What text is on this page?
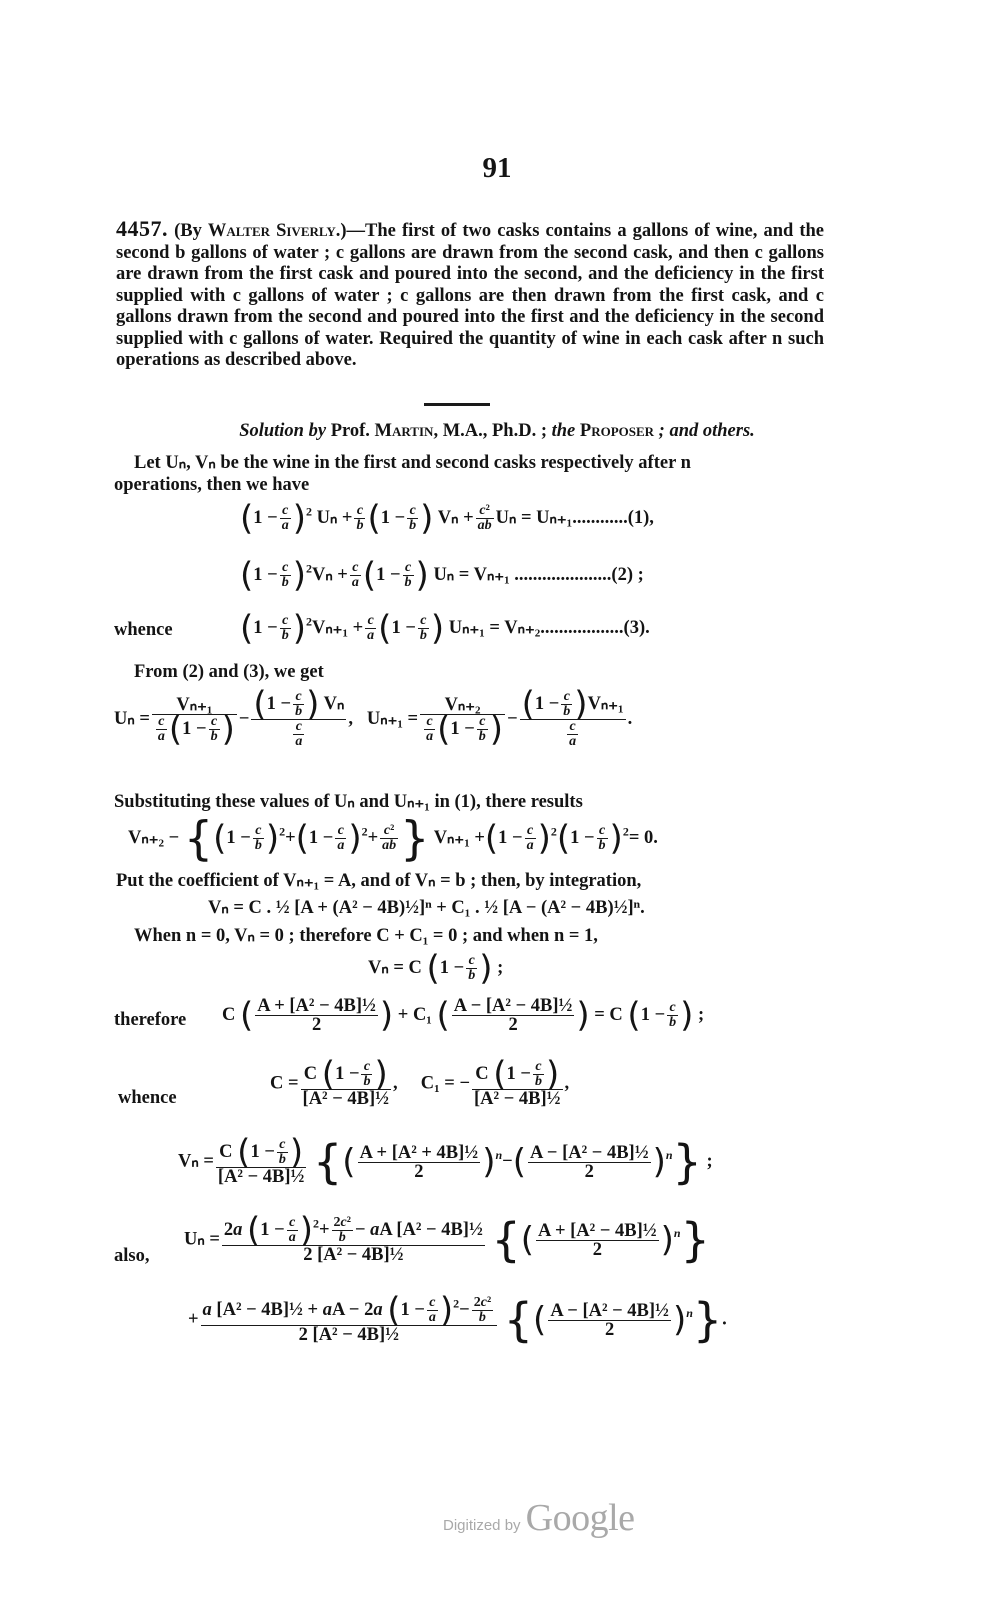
91
4457. (By Walter Siverly.)—The first of two casks contains a gallons of wine, and the second b gallons of water ; c gallons are drawn from the second cask, and then c gallons are drawn from the first cask and poured into the second, and the deficiency in the first supplied with c gallons of water ; c gallons are then drawn from the first cask, and c gallons drawn from the second and poured into the first and the deficiency in the second supplied with c gallons of water. Required the quantity of wine in each cask after n such operations as described above.
Solution by Prof. Martin, M.A., Ph.D. ; the Proposer ; and others.
Let Uₙ, Vₙ be the wine in the first and second casks respectively after n
operations, then we have
$(1 - \frac{c}{a} )^2$ $U_n + \frac{c}{b} (1 - \frac{c}{b}$ ) $V_n + \frac{\text{c²}}{ab}$ Uₙ = Uₙ₊₁............(1),
$(1 - \frac{c}{b} )^2V_n + \frac{c}{a} (1 - \frac{c}{b}$ ) Uₙ = Vₙ₊₁ .....................(2) ;
whence $(1 - \frac{c}{b} )^2V_{n+1} + \frac{c}{a} (1 - \frac{c}{b}$ ) Uₙ₊₁ = Vₙ₊₂..................(3).
From (2) and (3), we get
$U_n = \frac{\text{Vₙ₊₁}}{\frac{c}{a} (1 - \frac{c}{b} )} - \frac{(1 - \frac{c}{b} ) V_n}{\frac{c}{a}}$ ,   $U_{n+1} = \frac{\text{Vₙ₊₂}}{\frac{c}{a} (1 - \frac{c}{b} )} - \frac{(1 - \frac{c}{b} )V_{n+1}}{\frac{c}{a}}$ .
Substituting these values of Uₙ and Uₙ₊₁ in (1), there results
$V_{n+2} - \{(1 - \frac{c}{b} )^2+(1 - \frac{c}{a} )^2+ \frac{\text{c²}}{ab}$ } $V_{n+1} +(1 - \frac{c}{a} )^2(1 - \frac{c}{b} )^2= 0$.
Put the coefficient of Vₙ₊₁ = A, and of Vₙ = b ; then, by integration,
Vₙ = C . ½ [A + (A² − 4B)½]ⁿ + C₁ . ½ [A − (A² − 4B)½]ⁿ.
When n = 0, Vₙ = 0 ; therefore C + C₁ = 0 ; and when n = 1,
Vₙ = C ($1 - \frac{c}{b}$ ) ;
therefore C ( $\frac{\text{A + [A² − 4B]½}}{2}$ ) + C₁ ( $\frac{\text{A − [A² − 4B]½}}{2}$ ) = C ($1 - \frac{c}{b}$ ) ;
whence
$C = \frac{C (1 - \frac{c}{b} )}{\text{[A² − 4B]½}}$ ,     C₁ = − $\frac{C (1 - \frac{c}{b} )}{\text{[A² − 4B]½}}$ ,
$V_n = \frac{C (1 - \frac{c}{b} )}{\text{[A² − 4B]½}}$ {( $\frac{\text{A + [A² + 4B]½}}{2} )^n-( \frac{\text{A − [A² − 4B]½}}{2} )^n$} ;
also,
$U_n = \frac{2a (1 - \frac{c}{a} )^2+ \frac{\text{2c²}}{b} - aA [A^2 - 4B]\frac{1}{2}}{\text{2 [A² − 4B]½}}$ {( $\frac{\text{A + [A² − 4B]½}}{2} )^n$}
+ $\frac{a [A^2 - 4B]\frac{1}{2} + aA - 2a (1 - \frac{c}{a} )^2- \frac{\text{2c²}}{b}}{\text{2 [A² − 4B]½}}$ {( $\frac{\text{A − [A² − 4B]½}}{2} )^n$}.
Digitized by Google
